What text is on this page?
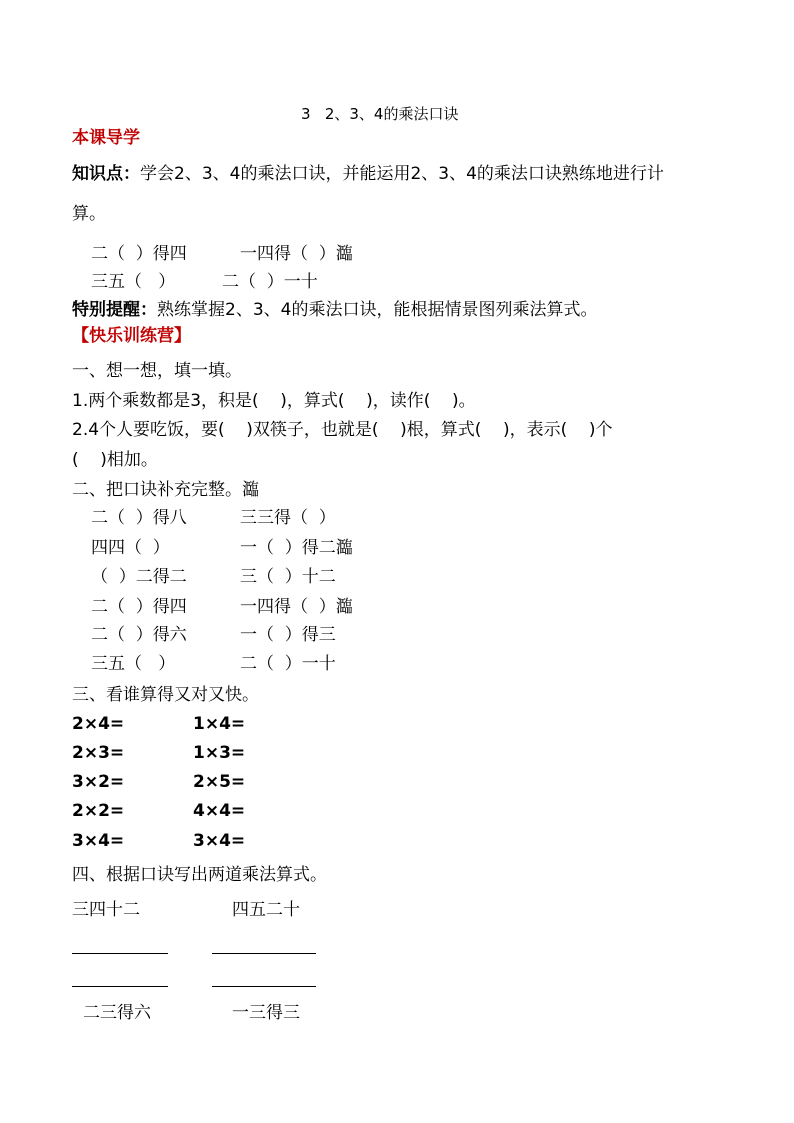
3   2、3、4的乘法口诀
本课导学
知识点：学会2、3、4的乘法口诀，并能运用2、3、4的乘法口诀熟练地进行计
算。
二（  ）得四	一四得（  ）瀶
三五（   ）	二（  ）一十
特别提醒：熟练掌握2、3、4的乘法口诀，能根据情景图列乘法算式。
【快乐训练营】
一、想一想，填一填。
1.两个乘数都是3，积是(    )，算式(    )，读作(    )。
2.4个人要吃饭，要(    )双筷子，也就是(    )根，算式(    )，表示(    )个
(    )相加。
二、把口诀补充完整。瀶
二（  ）得八	三三得（  ）
四四（  ）	一（  ）得二瀶
（  ）二得二	三（  ）十二
二（  ）得四	一四得（  ）瀶
二（  ）得六	一（  ）得三
三五（   ）	二（  ）一十
三、看谁算得又对又快。
2×4=	1×4=
2×3=	1×3=
3×2=	2×5=
2×2=	4×4=
3×4=	3×4=
四、根据口诀写出两道乘法算式。
三四十二	四五二十
二三得六	一三得三
